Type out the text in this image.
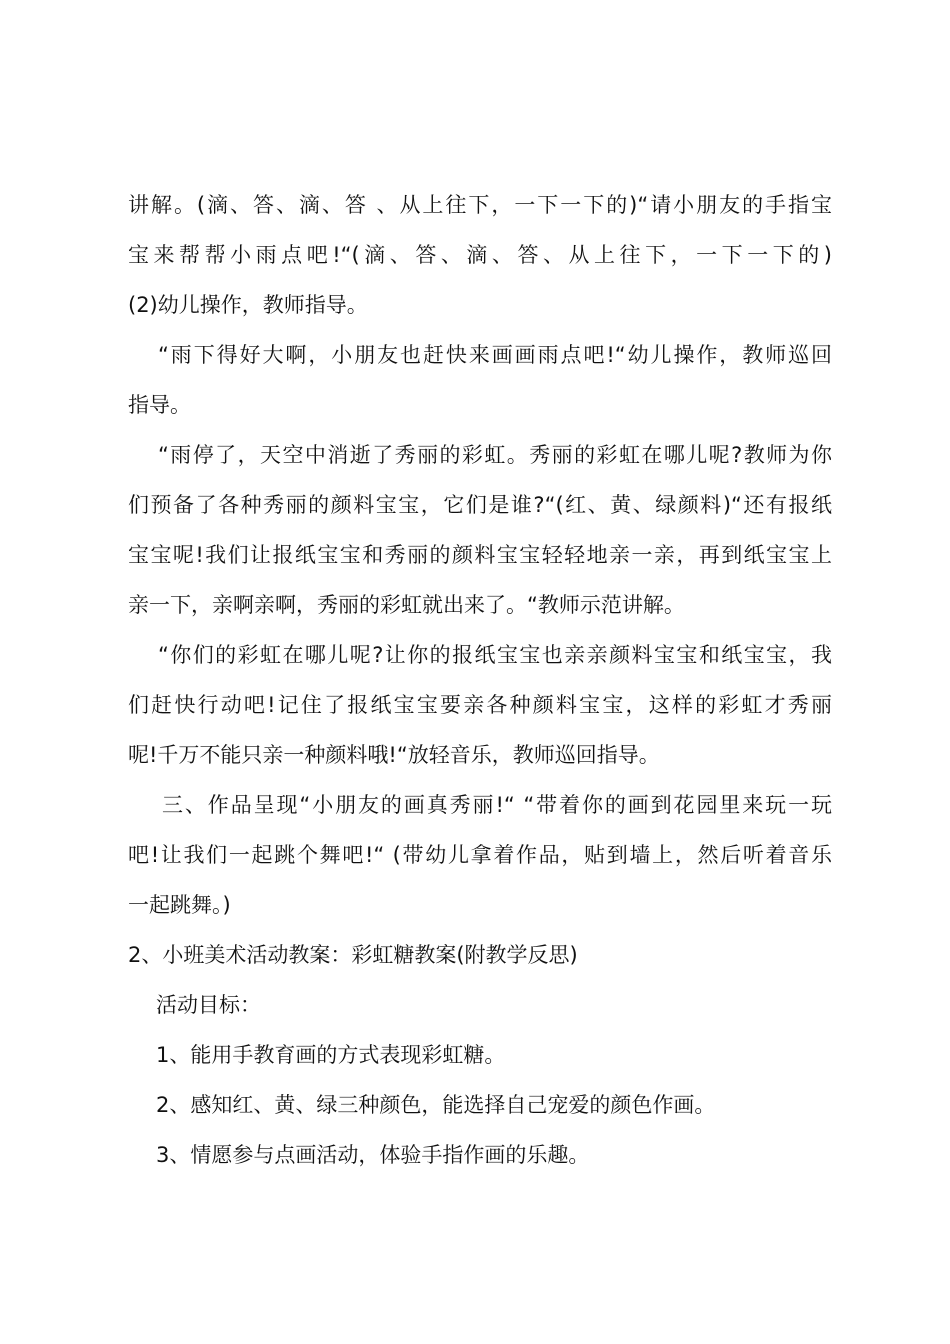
讲解。(滴、答、滴、答 、从上往下，一下一下的)“请小朋友的手指宝

宝来帮帮小雨点吧!“(滴、答、滴、答、从上往下，一下一下的)

(2)幼儿操作，教师指导。

“雨下得好大啊，小朋友也赶快来画画雨点吧!“幼儿操作，教师巡回

指导。

“雨停了，天空中消逝了秀丽的彩虹。秀丽的彩虹在哪儿呢?教师为你

们预备了各种秀丽的颜料宝宝，它们是谁?“(红、黄、绿颜料)“还有报纸

宝宝呢!我们让报纸宝宝和秀丽的颜料宝宝轻轻地亲一亲，再到纸宝宝上

亲一下，亲啊亲啊，秀丽的彩虹就出来了。“教师示范讲解。

“你们的彩虹在哪儿呢?让你的报纸宝宝也亲亲颜料宝宝和纸宝宝，我

们赶快行动吧!记住了报纸宝宝要亲各种颜料宝宝，这样的彩虹才秀丽

呢!千万不能只亲一种颜料哦!“放轻音乐，教师巡回指导。

三、作品呈现“小朋友的画真秀丽!“ “带着你的画到花园里来玩一玩

吧!让我们一起跳个舞吧!“ (带幼儿拿着作品，贴到墙上，然后听着音乐

一起跳舞。)

2、小班美术活动教案：彩虹糖教案(附教学反思)

活动目标：

1、能用手教育画的方式表现彩虹糖。

2、感知红、黄、绿三种颜色，能选择自己宠爱的颜色作画。

3、情愿参与点画活动，体验手指作画的乐趣。
